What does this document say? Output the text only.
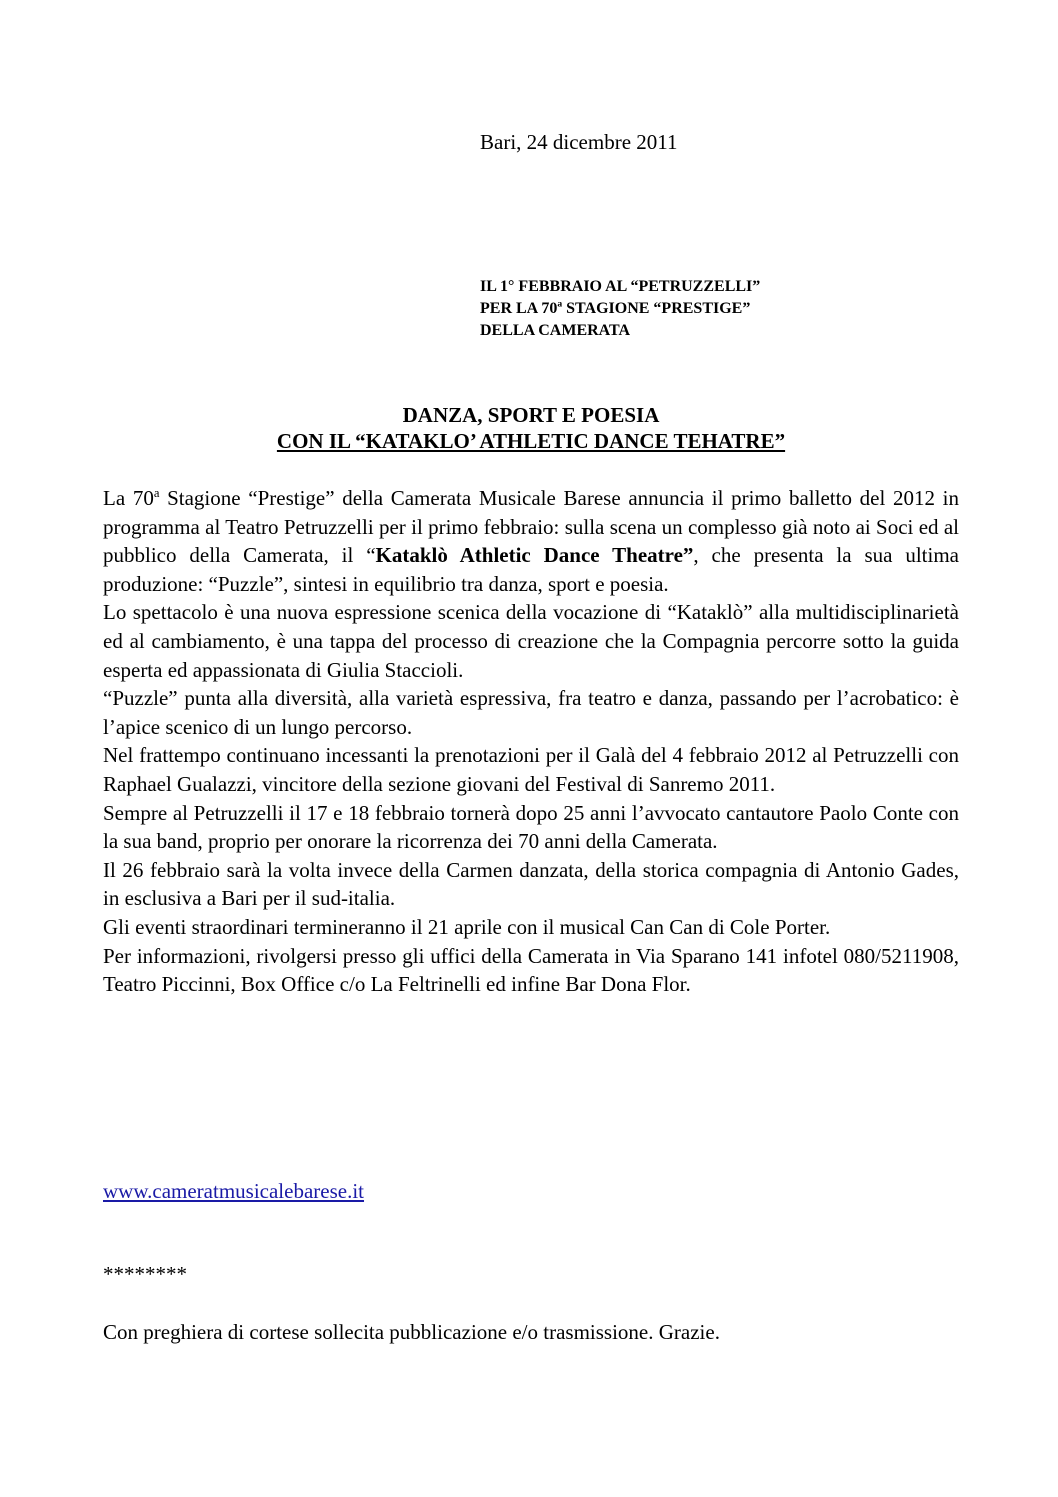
Bari, 24 dicembre 2011
IL 1° FEBBRAIO AL “PETRUZZELLI”
PER LA 70$^a$ STAGIONE “PRESTIGE”
DELLA CAMERATA
DANZA, SPORT E POESIA
CON IL “KATAKLO’ ATHLETIC DANCE TEHATRE”
La 70$^a$ Stagione “Prestige” della Camerata Musicale Barese annuncia il primo balletto del 2012 in programma al Teatro Petruzzelli per il primo febbraio: sulla scena un complesso già noto ai Soci ed al pubblico della Camerata, il “Kataklò Athletic Dance Theatre”, che presenta la sua ultima produzione: “Puzzle”, sintesi in equilibrio tra danza, sport e poesia.
Lo spettacolo è una nuova espressione scenica della vocazione di “Kataklò” alla multidisciplinarietà ed al cambiamento, è una tappa del processo di creazione che la Compagnia percorre sotto la guida esperta ed appassionata di Giulia Staccioli.
“Puzzle” punta alla diversità, alla varietà espressiva, fra teatro e danza, passando per l’acrobatico: è l’apice scenico di un lungo percorso.
Nel frattempo continuano incessanti la prenotazioni per il Galà del 4 febbraio 2012 al Petruzzelli con Raphael Gualazzi, vincitore della sezione giovani del Festival di Sanremo 2011.
Sempre al Petruzzelli il 17 e 18 febbraio tornerà dopo 25 anni l’avvocato cantautore Paolo Conte con la sua band, proprio per onorare la ricorrenza dei 70 anni della Camerata.
Il 26 febbraio sarà la volta invece della Carmen danzata, della storica compagnia di Antonio Gades, in esclusiva a Bari per il sud-italia.
Gli eventi straordinari termineranno il 21 aprile con il musical Can Can di Cole Porter.
Per informazioni, rivolgersi presso gli uffici della Camerata in Via Sparano 141 infotel 080/5211908, Teatro Piccinni, Box Office c/o La Feltrinelli ed infine Bar Dona Flor.
www.cameratmusicalebarese.it
********
Con preghiera di cortese sollecita pubblicazione e/o trasmissione. Grazie.
